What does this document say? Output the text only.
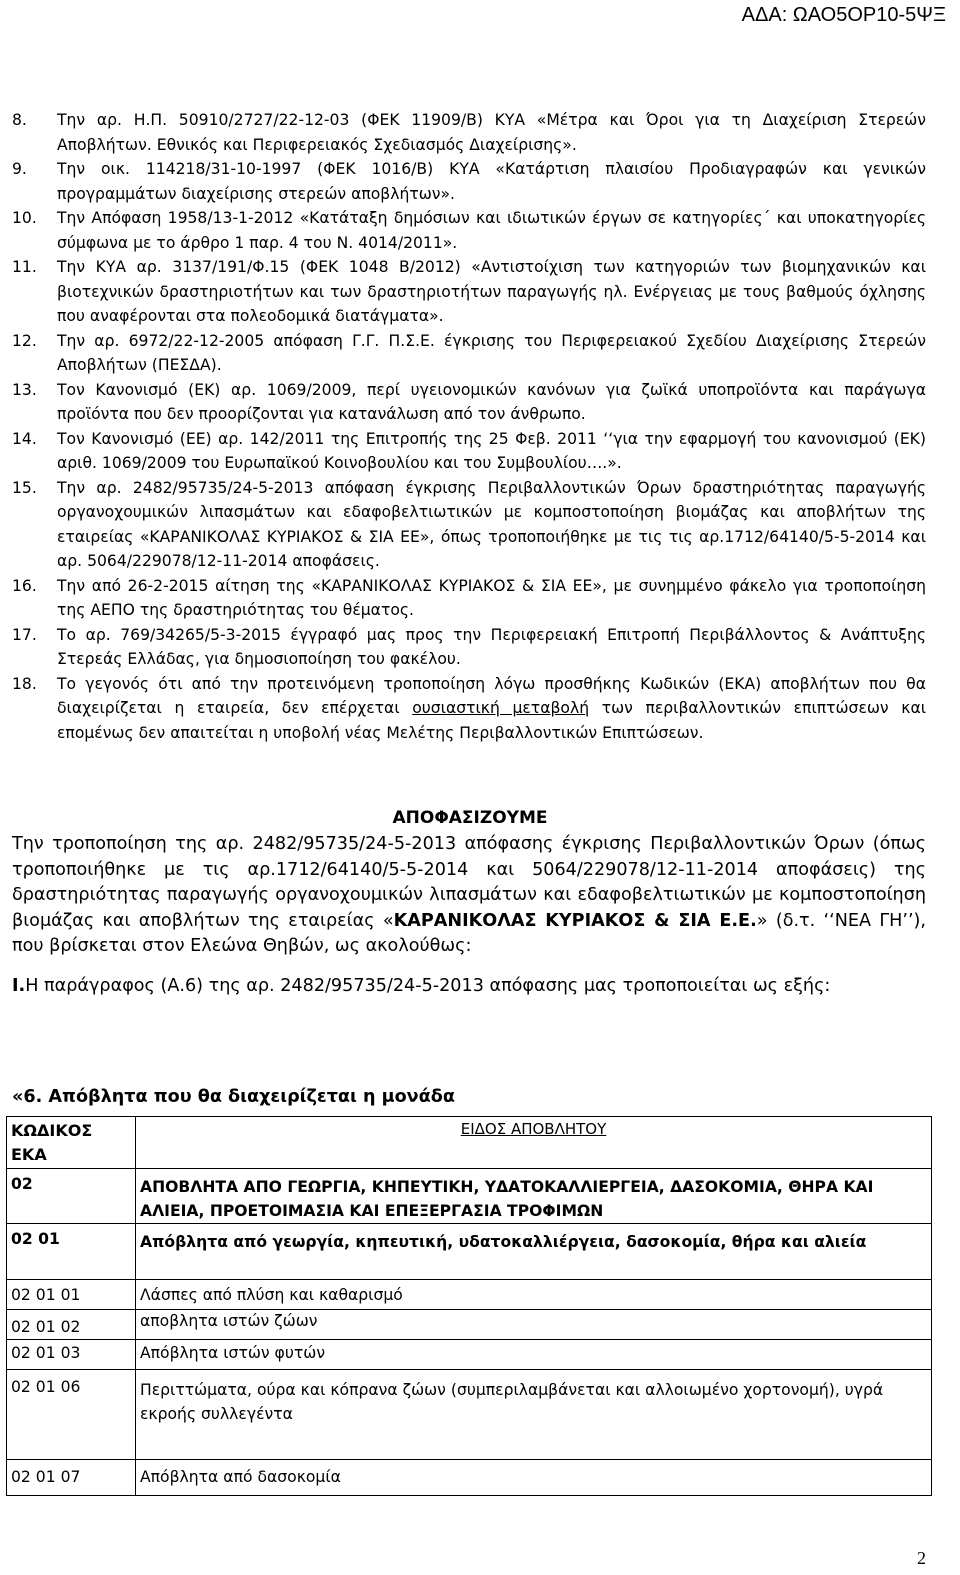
ΑΔΑ: ΩΑΟ5ΟΡ10-5ΨΞ
8.	Την αρ. Η.Π. 50910/2727/22-12-03 (ΦΕΚ 11909/Β) ΚΥΑ «Μέτρα και Όροι για τη Διαχείριση Στερεών Αποβλήτων. Εθνικός και Περιφερειακός Σχεδιασμός Διαχείρισης».
9.	Την οικ. 114218/31-10-1997 (ΦΕΚ 1016/Β) ΚΥΑ «Κατάρτιση πλαισίου Προδιαγραφών και γενικών προγραμμάτων διαχείρισης στερεών αποβλήτων».
10.	Την Απόφαση 1958/13-1-2012 «Κατάταξη δημόσιων και ιδιωτικών έργων σε κατηγορίες΄ και υποκατηγορίες σύμφωνα με το άρθρο 1 παρ. 4 του Ν. 4014/2011».
11.	Την ΚΥΑ αρ. 3137/191/Φ.15 (ΦΕΚ 1048 Β/2012) «Αντιστοίχιση των κατηγοριών των βιομηχανικών και βιοτεχνικών δραστηριοτήτων και των δραστηριοτήτων παραγωγής ηλ. Ενέργειας με τους βαθμούς όχλησης που αναφέρονται στα πολεοδομικά διατάγματα».
12.	Την αρ. 6972/22-12-2005 απόφαση Γ.Γ. Π.Σ.Ε. έγκρισης του Περιφερειακού Σχεδίου Διαχείρισης Στερεών Αποβλήτων (ΠΕΣΔΑ).
13.	Τον Κανονισμό (ΕΚ) αρ. 1069/2009, περί υγειονομικών κανόνων για ζωϊκά υποπροϊόντα και παράγωγα προϊόντα που δεν προορίζονται για κατανάλωση από τον άνθρωπο.
14.	Τον Κανονισμό (ΕΕ) αρ. 142/2011 της Επιτροπής της 25 Φεβ. 2011 ‘‘για την εφαρμογή του κανονισμού (ΕΚ) αριθ. 1069/2009 του Ευρωπαϊκού Κοινοβουλίου και του Συμβουλίου….».
15.	Την αρ. 2482/95735/24-5-2013 απόφαση έγκρισης Περιβαλλοντικών Όρων δραστηριότητας παραγωγής οργανοχουμικών λιπασμάτων και εδαφοβελτιωτικών με κομποστοποίηση βιομάζας και αποβλήτων της εταιρείας «ΚΑΡΑΝΙΚΟΛΑΣ ΚΥΡΙΑΚΟΣ & ΣΙΑ ΕΕ», όπως τροποποιήθηκε με τις τις αρ.1712/64140/5-5-2014 και αρ. 5064/229078/12-11-2014 αποφάσεις.
16.	Την από 26-2-2015 αίτηση της «ΚΑΡΑΝΙΚΟΛΑΣ ΚΥΡΙΑΚΟΣ & ΣΙΑ ΕΕ», με συνημμένο φάκελο για τροποποίηση της ΑΕΠΟ της δραστηριότητας του θέματος.
17.	Το αρ. 769/34265/5-3-2015 έγγραφό μας προς την Περιφερειακή Επιτροπή Περιβάλλοντος & Ανάπτυξης Στερεάς Ελλάδας, για δημοσιοποίηση του φακέλου.
18.	Το γεγονός ότι από την προτεινόμενη τροποποίηση λόγω προσθήκης Κωδικών (ΕΚΑ) αποβλήτων που θα διαχειρίζεται η εταιρεία, δεν επέρχεται ουσιαστική μεταβολή των περιβαλλοντικών επιπτώσεων και επομένως δεν απαιτείται η υποβολή νέας Μελέτης Περιβαλλοντικών Επιπτώσεων.
ΑΠΟΦΑΣΙΖΟΥΜΕ

Την τροποποίηση της αρ. 2482/95735/24-5-2013 απόφασης έγκρισης Περιβαλλοντικών Όρων (όπως τροποποιήθηκε με τις αρ.1712/64140/5-5-2014 και 5064/229078/12-11-2014 αποφάσεις) της δραστηριότητας παραγωγής οργανοχουμικών λιπασμάτων και εδαφοβελτιωτικών με κομποστοποίηση βιομάζας και αποβλήτων της εταιρείας «ΚΑΡΑΝΙΚΟΛΑΣ ΚΥΡΙΑΚΟΣ & ΣΙΑ Ε.Ε.» (δ.τ. ‘‘ΝΕΑ ΓΗ’’), που βρίσκεται στον Ελεώνα Θηβών, ως ακολούθως:

Ι.Η παράγραφος (Α.6) της αρ. 2482/95735/24-5-2013 απόφασης μας τροποποιείται ως εξής:

«6. Απόβλητα που θα διαχειρίζεται η μονάδα
ΚΩΔΙΚΟΣ ΕΚΑ	ΕΙΔΟΣ ΑΠΟΒΛΗΤΟΥ
02	ΑΠΟΒΛΗΤΑ ΑΠΟ ΓΕΩΡΓΙΑ, ΚΗΠΕΥΤΙΚΗ, ΥΔΑΤΟΚΑΛΛΙΕΡΓΕΙΑ, ΔΑΣΟΚΟΜΙΑ, ΘΗΡΑ ΚΑΙ ΑΛΙΕΙΑ, ΠΡΟΕΤΟΙΜΑΣΙΑ ΚΑΙ ΕΠΕΞΕΡΓΑΣΙΑ ΤΡΟΦΙΜΩΝ
02 01	Απόβλητα από γεωργία, κηπευτική, υδατοκαλλιέργεια, δασοκομία, θήρα και αλιεία
02 01 01	Λάσπες από πλύση και καθαρισμό
02 01 02	αποβλητα ιστών ζώων
02 01 03	Απόβλητα ιστών φυτών
02 01 06	Περιττώματα, ούρα και κόπρανα ζώων (συμπεριλαμβάνεται και αλλοιωμένο χορτονομή), υγρά εκροής συλλεγέντα
02 01 07	Απόβλητα από δασοκομία
2
